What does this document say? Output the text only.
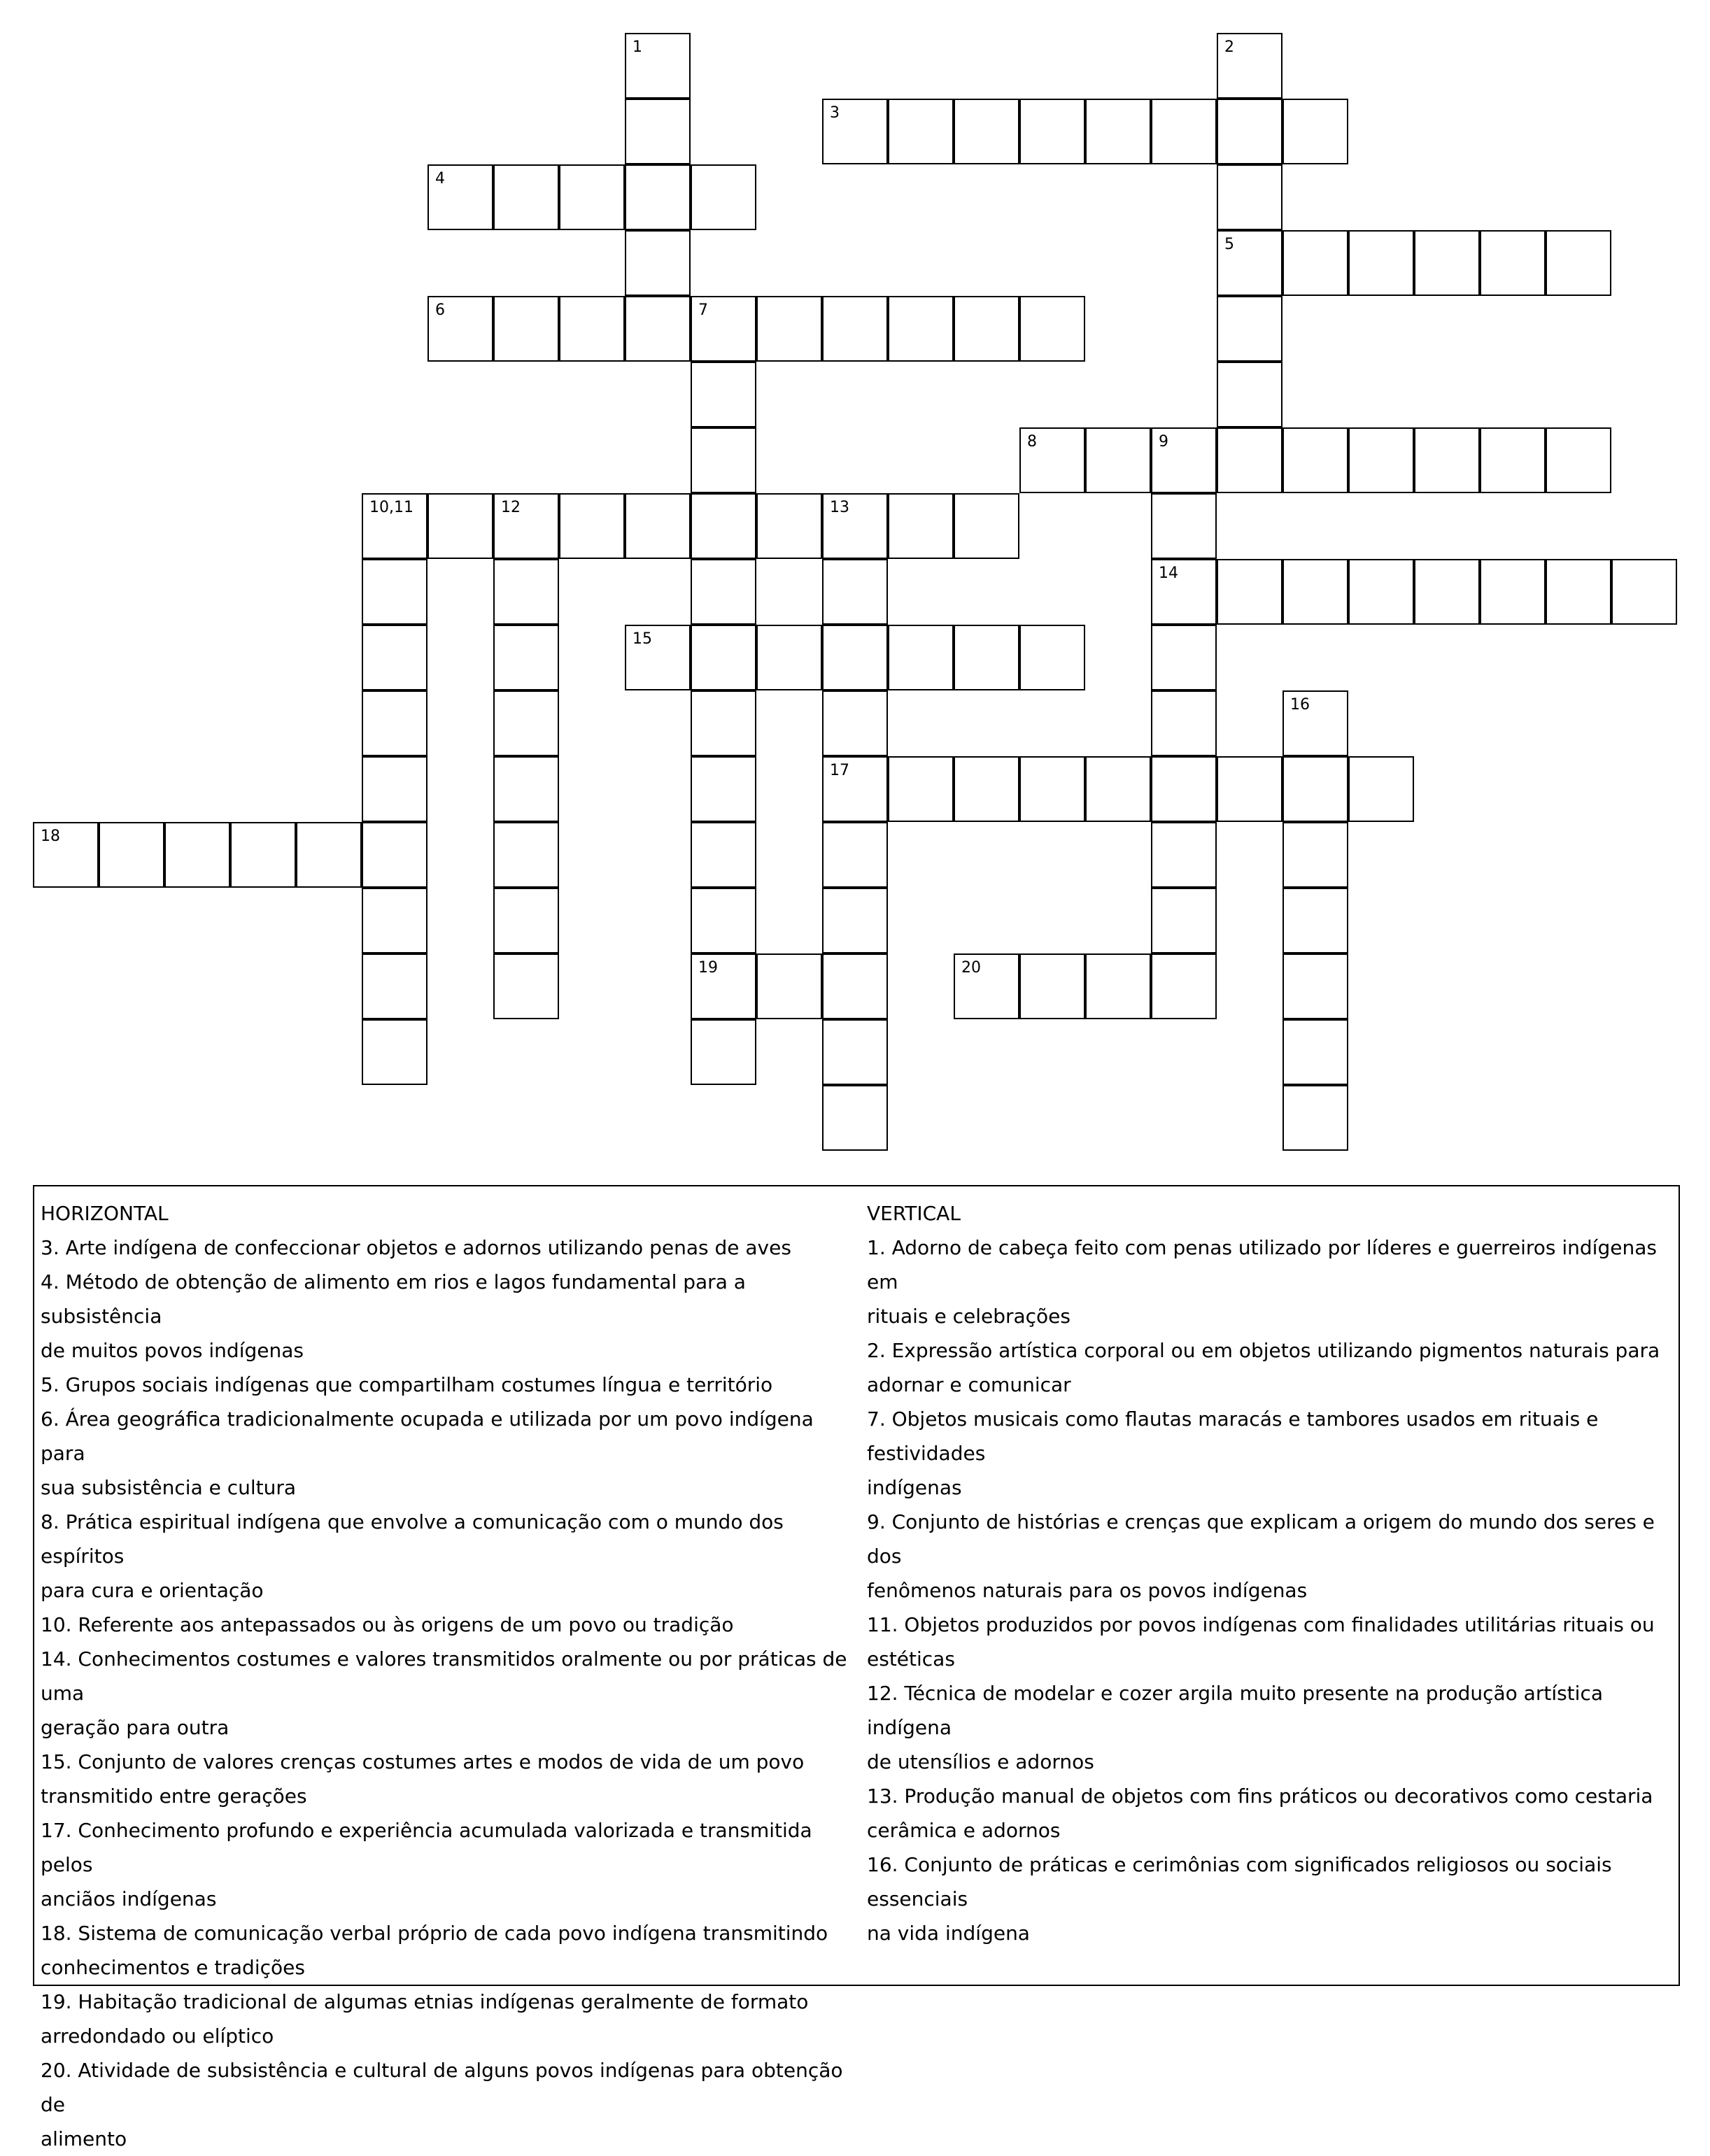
1	2
5
3
4
6	7
8	9
10,11	12	13
14
15
16
17
18
19	20
HORIZONTAL
3. Arte indígena de confeccionar objetos e adornos utilizando penas de aves
4. Método de obtenção de alimento em rios e lagos fundamental para a subsistência
de muitos povos indígenas
5. Grupos sociais indígenas que compartilham costumes língua e território
6. Área geográfica tradicionalmente ocupada e utilizada por um povo indígena para
sua subsistência e cultura
8. Prática espiritual indígena que envolve a comunicação com o mundo dos espíritos
para cura e orientação
10. Referente aos antepassados ou às origens de um povo ou tradição
14. Conhecimentos costumes e valores transmitidos oralmente ou por práticas de uma
geração para outra
15. Conjunto de valores crenças costumes artes e modos de vida de um povo
transmitido entre gerações
17. Conhecimento profundo e experiência acumulada valorizada e transmitida pelos
anciãos indígenas
18. Sistema de comunicação verbal próprio de cada povo indígena transmitindo
conhecimentos e tradições
19. Habitação tradicional de algumas etnias indígenas geralmente de formato
arredondado ou elíptico
20. Atividade de subsistência e cultural de alguns povos indígenas para obtenção de
alimento
VERTICAL
1. Adorno de cabeça feito com penas utilizado por líderes e guerreiros indígenas em
rituais e celebrações
2. Expressão artística corporal ou em objetos utilizando pigmentos naturais para
adornar e comunicar
7. Objetos musicais como flautas maracás e tambores usados em rituais e festividades
indígenas
9. Conjunto de histórias e crenças que explicam a origem do mundo dos seres e dos
fenômenos naturais para os povos indígenas
11. Objetos produzidos por povos indígenas com finalidades utilitárias rituais ou
estéticas
12. Técnica de modelar e cozer argila muito presente na produção artística indígena
de utensílios e adornos
13. Produção manual de objetos com fins práticos ou decorativos como cestaria
cerâmica e adornos
16. Conjunto de práticas e cerimônias com significados religiosos ou sociais essenciais
na vida indígena
